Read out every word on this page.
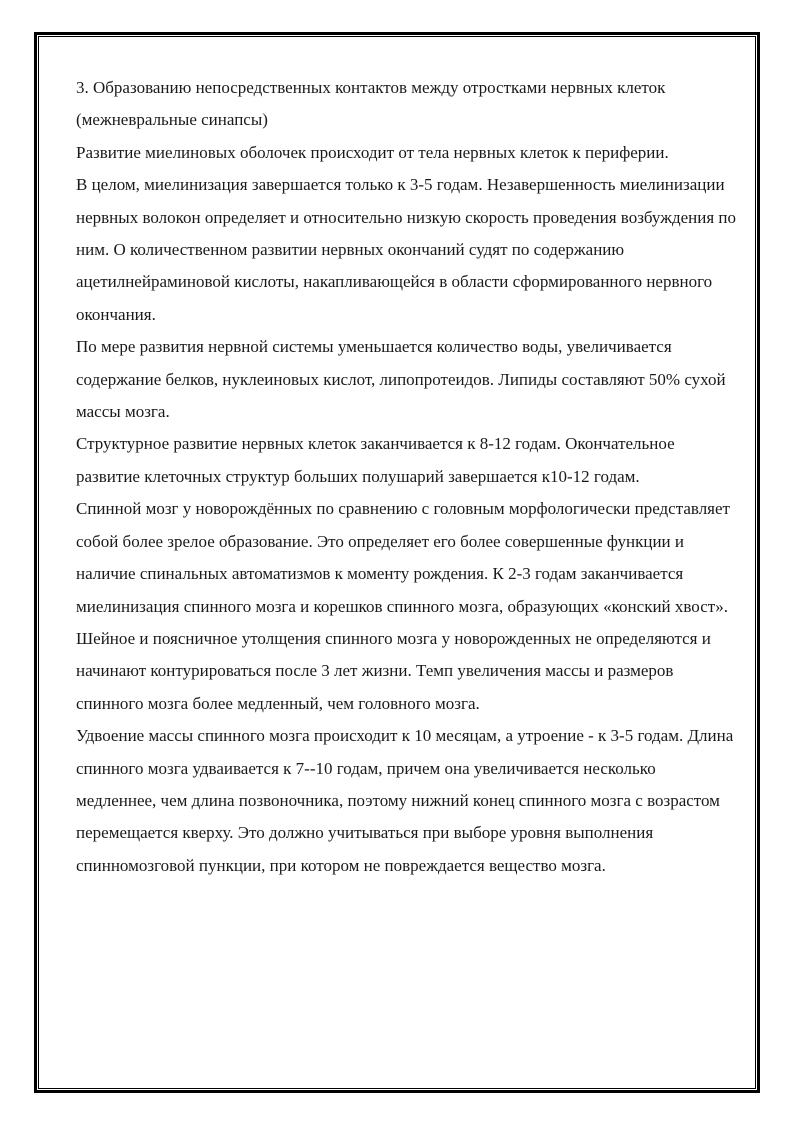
3. Образованию непосредственных контактов между отростками нервных клеток (межневральные синапсы)

Развитие миелиновых оболочек происходит от тела нервных клеток к периферии.

В целом, миелинизация завершается только к 3-5 годам. Незавершенность миелинизации нервных волокон определяет и относительно низкую скорость проведения возбуждения по ним. О количественном развитии нервных окончаний судят по содержанию ацетилнейраминовой кислоты, накапливающейся в области сформированного нервного окончания.

По мере развития нервной системы уменьшается количество воды, увеличивается содержание белков, нуклеиновых кислот, липопротеидов. Липиды составляют 50% сухой массы мозга.

Структурное развитие нервных клеток заканчивается к 8-12 годам. Окончательное развитие клеточных структур больших полушарий завершается к10-12 годам.

Спинной мозг у новорождённых по сравнению с головным морфологически представляет собой более зрелое образование. Это определяет его более совершенные функции и наличие спинальных автоматизмов к моменту рождения. К 2-3 годам заканчивается миелинизация спинного мозга и корешков спинного мозга, образующих «конский хвост».

Шейное и поясничное утолщения спинного мозга у новорожденных не определяются и начинают контурироваться после 3 лет жизни. Темп увеличения массы и размеров спинного мозга более медленный, чем головного мозга.

Удвоение массы спинного мозга происходит к 10 месяцам, а утроение - к 3-5 годам. Длина спинного мозга удваивается к 7--10 годам, причем она увеличивается несколько медленнее, чем длина позвоночника, поэтому нижний конец спинного мозга с возрастом перемещается кверху. Это должно учитываться при выборе уровня выполнения спинномозговой пункции, при котором не повреждается вещество мозга.
